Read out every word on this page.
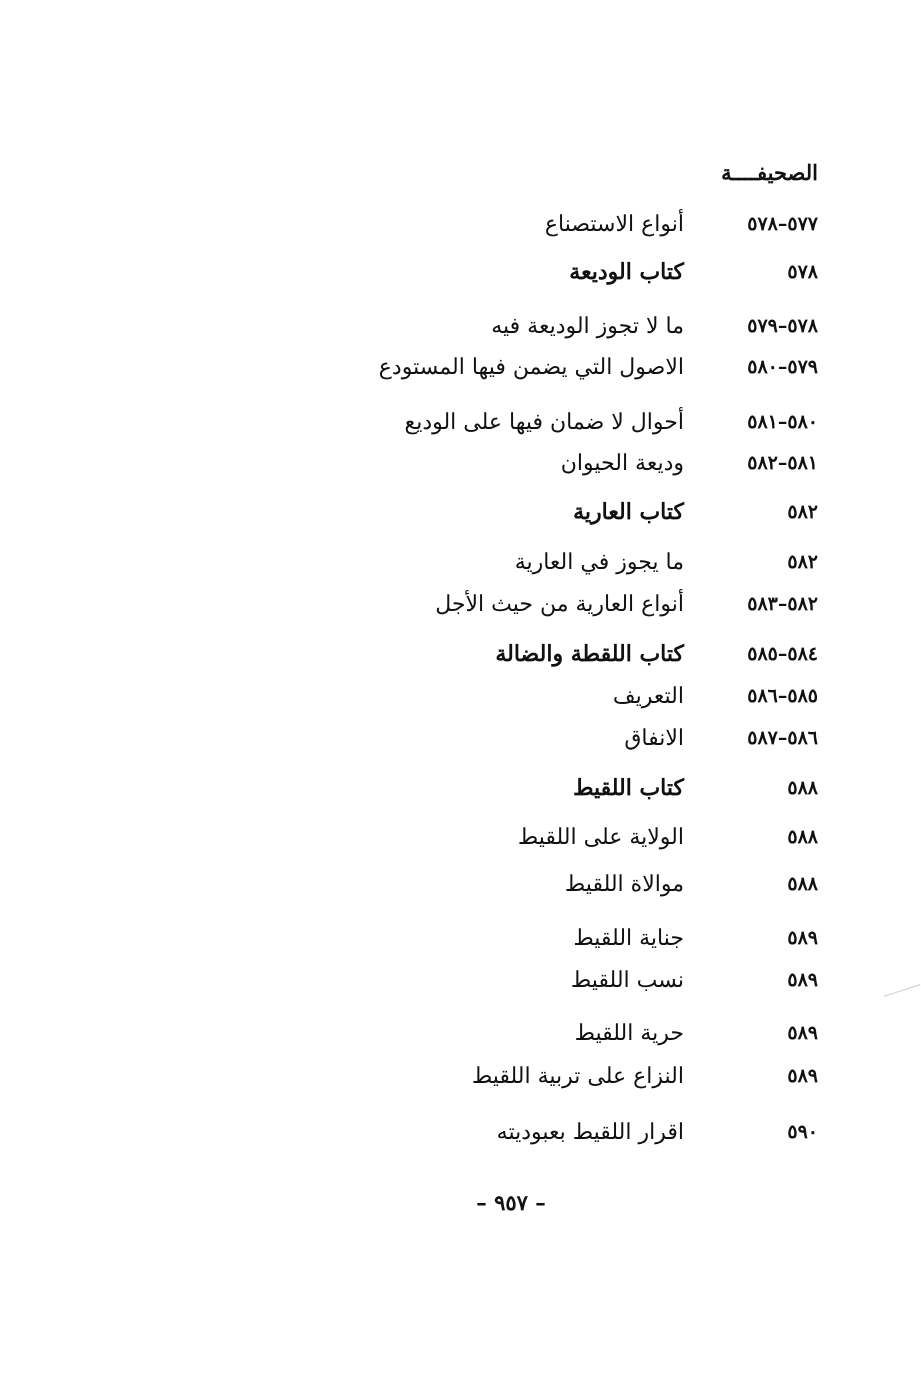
الصحيفــــة
٥٧٧–٥٧٨
أنواع الاستصناع
٥٧٨
كتاب الوديعة
٥٧٨–٥٧٩
ما لا تجوز الوديعة فيه
٥٧٩–٥٨٠
الاصول التي يضمن فيها المستودع
٥٨٠–٥٨١
أحوال لا ضمان فيها على الوديع
٥٨١–٥٨٢
وديعة الحيوان
٥٨٢
كتاب العارية
٥٨٢
ما يجوز في العارية
٥٨٢–٥٨٣
أنواع العارية من حيث الأجل
٥٨٤–٥٨٥
كتاب اللقطة والضالة
٥٨٥–٥٨٦
التعريف
٥٨٦–٥٨٧
الانفاق
٥٨٨
كتاب اللقيط
٥٨٨
الولاية على اللقيط
٥٨٨
موالاة اللقيط
٥٨٩
جناية اللقيط
٥٨٩
نسب اللقيط
٥٨٩
حرية اللقيط
٥٨٩
النزاع على تربية اللقيط
٥٩٠
اقرار اللقيط بعبوديته
– ٩٥٧ –
